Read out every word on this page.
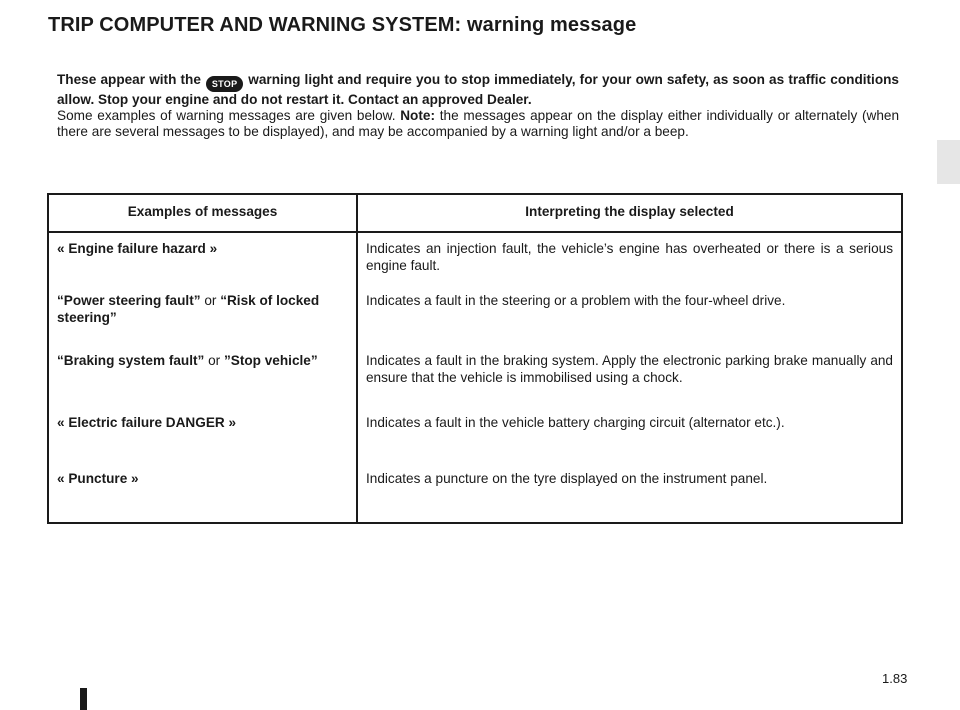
TRIP COMPUTER AND WARNING SYSTEM: warning message

These appear with the STOP warning light and require you to stop immediately, for your own safety, as soon as traffic conditions allow. Stop your engine and do not restart it. Contact an approved Dealer.

Some examples of warning messages are given below. Note: the messages appear on the display either individually or alternately (when there are several messages to be displayed), and may be accompanied by a warning light and/or a beep.

Examples of messages	Interpreting the display selected
« Engine failure hazard »	Indicates an injection fault, the vehicle’s engine has overheated or there is a serious engine fault.
“Power steering fault” or “Risk of locked steering”	Indicates a fault in the steering or a problem with the four-wheel drive.
“Braking system fault” or ”Stop vehicle”	Indicates a fault in the braking system. Apply the electronic parking brake manually and ensure that the vehicle is immobilised using a chock.
« Electric failure DANGER »	Indicates a fault in the vehicle battery charging circuit (alternator etc.).
« Puncture »	Indicates a puncture on the tyre displayed on the instrument panel.
1.83
